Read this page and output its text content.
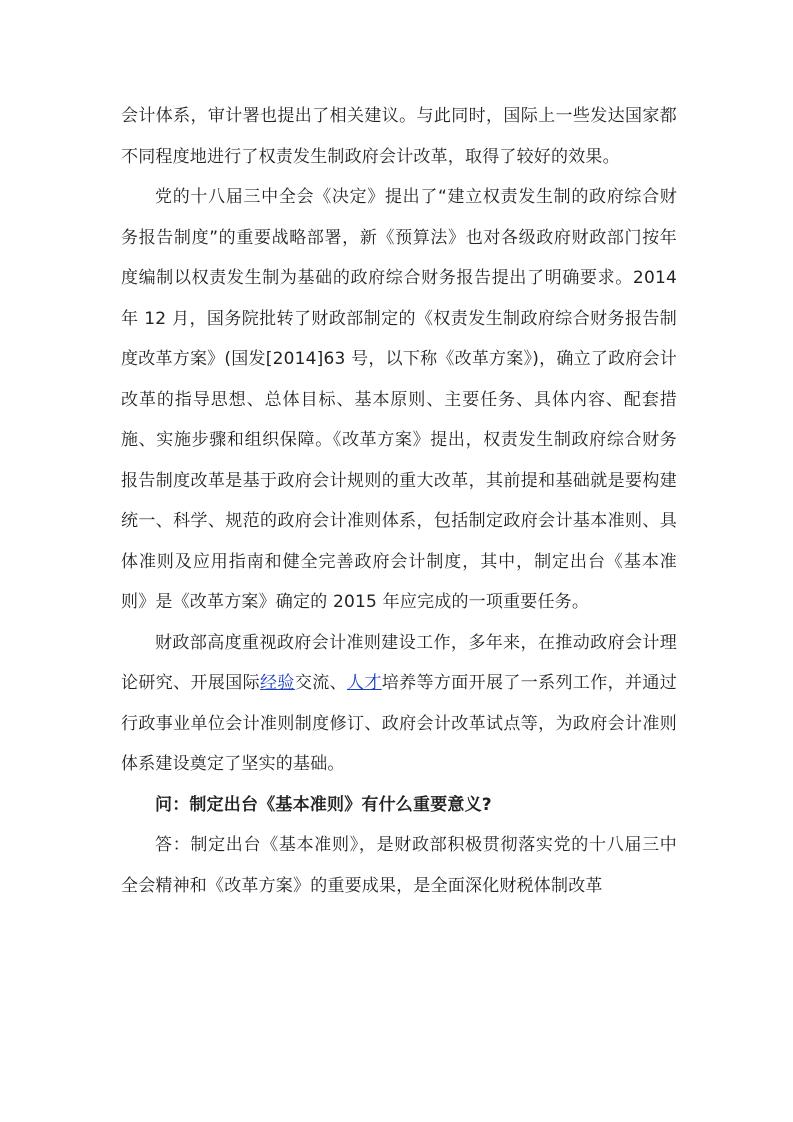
会计体系，审计署也提出了相关建议。与此同时，国际上一些发达国家都不同程度地进行了权责发生制政府会计改革，取得了较好的效果。

党的十八届三中全会《决定》提出了“建立权责发生制的政府综合财务报告制度”的重要战略部署，新《预算法》也对各级政府财政部门按年度编制以权责发生制为基础的政府综合财务报告提出了明确要求。2014 年 12 月，国务院批转了财政部制定的《权责发生制政府综合财务报告制度改革方案》(国发[2014]63 号，以下称《改革方案》)，确立了政府会计改革的指导思想、总体目标、基本原则、主要任务、具体内容、配套措施、实施步骤和组织保障。《改革方案》提出，权责发生制政府综合财务报告制度改革是基于政府会计规则的重大改革，其前提和基础就是要构建统一、科学、规范的政府会计准则体系，包括制定政府会计基本准则、具体准则及应用指南和健全完善政府会计制度，其中，制定出台《基本准则》是《改革方案》确定的 2015 年应完成的一项重要任务。

财政部高度重视政府会计准则建设工作，多年来，在推动政府会计理论研究、开展国际经验交流、人才培养等方面开展了一系列工作，并通过行政事业单位会计准则制度修订、政府会计改革试点等，为政府会计准则体系建设奠定了坚实的基础。

问：制定出台《基本准则》有什么重要意义?

答：制定出台《基本准则》，是财政部积极贯彻落实党的十八届三中全会精神和《改革方案》的重要成果，是全面深化财税体制改革
